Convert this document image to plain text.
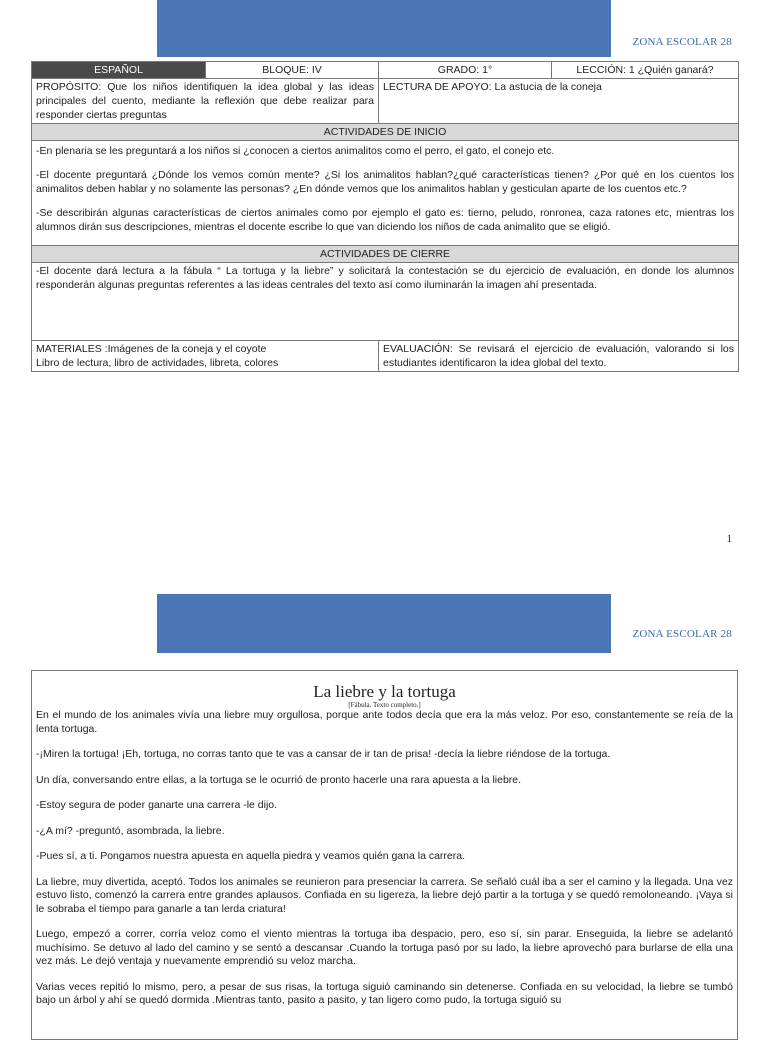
ZONA ESCOLAR 28
ESPAÑOL	BLOQUE: IV	GRADO: 1°	LECCIÓN: 1 ¿Quién ganará?
PROPÓSITO: Que los niños identifiquen la idea global y las ideas principales del cuento, mediante la reflexión que debe realizar para responder ciertas preguntas		LECTURA DE APOYO: La astucia de la coneja	
ACTIVIDADES DE INICIO			

-En plenaria se les preguntará a los niños si ¿conocen a ciertos animalitos como el perro, el gato, el conejo etc.

-El docente preguntará ¿Dónde los vemos común mente? ¿Si los animalitos hablan?¿qué características tienen? ¿Por qué en los cuentos los animalitos deben hablar y no solamente las personas? ¿En dónde vemos que los animalitos hablan y gesticulan aparte de los cuentos etc.?

-Se describirán algunas características de ciertos animales como por ejemplo el gato es: tierno, peludo, ronronea, caza ratones etc, mientras los alumnos dirán sus descripciones, mientras el docente escribe lo que van diciendo los niños de cada animalito que se eligió.			

ACTIVIDADES DE CIERRE			
-El docente dará lectura a la fábula “ La tortuga y la liebre” y solicitará la contestación se du ejercicio de evaluación, en donde los alumnos responderán algunas preguntas referentes a las ideas centrales del texto así como iluminarán la imagen ahí presentada.			

MATERIALES :Imágenes de la coneja y el coyote
Libro de lectura, libro de actividades, libreta, colores		EVALUACIÓN: Se revisará el ejercicio de evaluación, valorando si los estudiantes identificaron la idea global del texto.	
1
ZONA ESCOLAR 28
La liebre y la tortuga
[Fábula. Texto completo.]

En el mundo de los animales vivía una liebre muy orgullosa, porque ante todos decía que era la más veloz. Por eso, constantemente se reía de la lenta tortuga.

-¡Miren la tortuga! ¡Eh, tortuga, no corras tanto que te vas a cansar de ir tan de prisa! -decía la liebre riéndose de la tortuga.

Un día, conversando entre ellas, a la tortuga se le ocurrió de pronto hacerle una rara apuesta a la liebre.

-Estoy segura de poder ganarte una carrera -le dijo.

-¿A mí? -preguntó, asombrada, la liebre.

-Pues sí, a ti. Pongamos nuestra apuesta en aquella piedra y veamos quién gana la carrera.

La liebre, muy divertida, aceptó. Todos los animales se reunieron para presenciar la carrera. Se señaló cuál iba a ser el camino y la llegada. Una vez estuvo listo, comenzó la carrera entre grandes aplausos. Confiada en su ligereza, la liebre dejó partir a la tortuga y se quedó remoloneando. ¡Vaya si le sobraba el tiempo para ganarle a tan lerda criatura!

Luego, empezó a correr, corría veloz como el viento mientras la tortuga iba despacio, pero, eso sí, sin parar. Enseguida, la liebre se adelantó muchísimo. Se detuvo al lado del camino y se sentó a descansar .Cuando la tortuga pasó por su lado, la liebre aprovechó para burlarse de ella una vez más. Le dejó ventaja y nuevamente emprendió su veloz marcha.

Varias veces repitió lo mismo, pero, a pesar de sus risas, la tortuga siguió caminando sin detenerse. Confiada en su velocidad, la liebre se tumbó bajo un árbol y ahí se quedó dormida .Mientras tanto, pasito a pasito, y tan ligero como pudo, la tortuga siguió su
